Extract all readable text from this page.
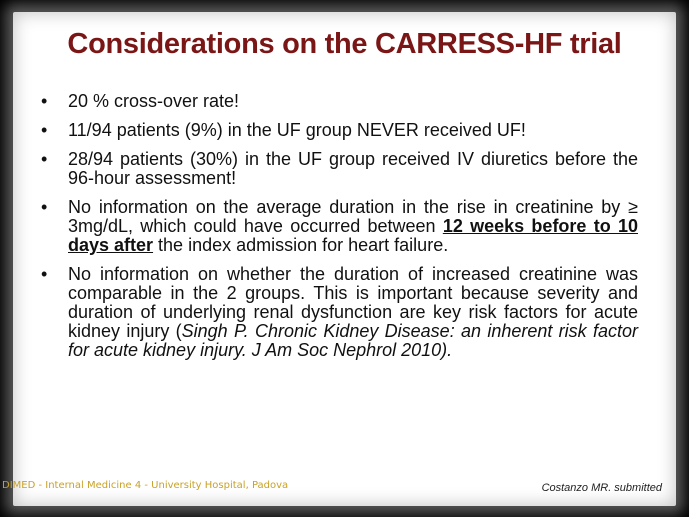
Considerations on the CARRESS-HF trial
• 20 % cross-over rate!
• 11/94 patients (9%) in the UF group NEVER received UF!
• 28/94 patients (30%) in the UF group received IV diuretics before the 96-hour assessment!
• No information on the average duration in the rise in creatinine by ≥ 3mg/dL, which could have occurred between 12 weeks before to 10 days after the index admission for heart failure.
• No information on whether the duration of increased creatinine was comparable in the 2 groups. This is important because severity and duration of underlying renal dysfunction are key risk factors for acute kidney injury (Singh P. Chronic Kidney Disease: an inherent risk factor for acute kidney injury. J Am Soc Nephrol 2010).
Costanzo MR. submitted
DIMED - Internal Medicine 4 - University Hospital, Padova
